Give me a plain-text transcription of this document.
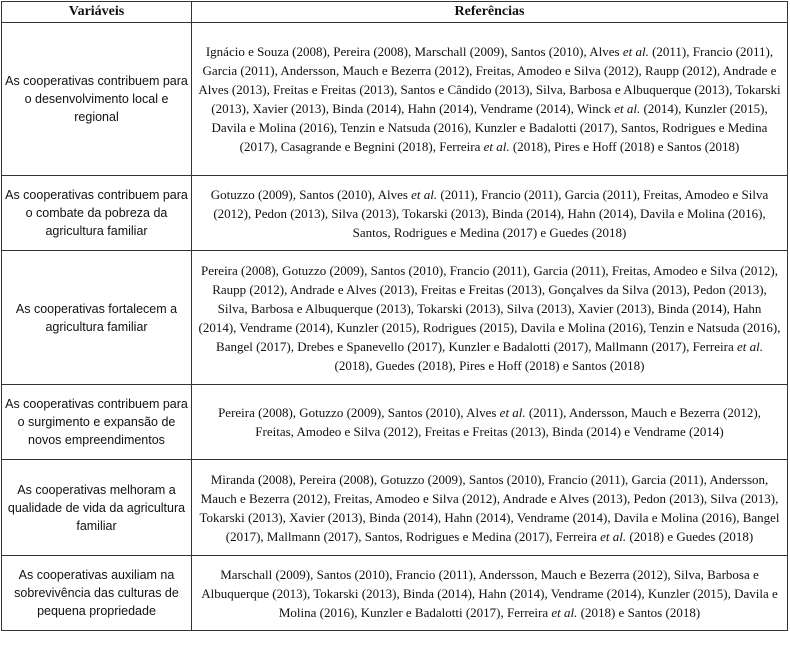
Variáveis	Referências
As cooperativas contribuem para o desenvolvimento local e regional	Ignácio e Souza (2008), Pereira (2008), Marschall (2009), Santos (2010), Alves et al. (2011), Francio (2011), Garcia (2011), Andersson, Mauch e Bezerra (2012), Freitas, Amodeo e Silva (2012), Raupp (2012), Andrade e Alves (2013), Freitas e Freitas (2013), Santos e Cândido (2013), Silva, Barbosa e Albuquerque (2013), Tokarski (2013), Xavier (2013), Binda (2014), Hahn (2014), Vendrame (2014), Winck et al. (2014), Kunzler (2015), Davila e Molina (2016), Tenzin e Natsuda (2016), Kunzler e Badalotti (2017), Santos, Rodrigues e Medina (2017), Casagrande e Begnini (2018), Ferreira et al. (2018), Pires e Hoff (2018) e Santos (2018)
As cooperativas contribuem para o combate da pobreza da agricultura familiar	Gotuzzo (2009), Santos (2010), Alves et al. (2011), Francio (2011), Garcia (2011), Freitas, Amodeo e Silva (2012), Pedon (2013), Silva (2013), Tokarski (2013), Binda (2014), Hahn (2014), Davila e Molina (2016), Santos, Rodrigues e Medina (2017) e Guedes (2018)
As cooperativas fortalecem a agricultura familiar	Pereira (2008), Gotuzzo (2009), Santos (2010), Francio (2011), Garcia (2011), Freitas, Amodeo e Silva (2012), Raupp (2012), Andrade e Alves (2013), Freitas e Freitas (2013), Gonçalves da Silva (2013), Pedon (2013), Silva, Barbosa e Albuquerque (2013), Tokarski (2013), Silva (2013), Xavier (2013), Binda (2014), Hahn (2014), Vendrame (2014), Kunzler (2015), Rodrigues (2015), Davila e Molina (2016), Tenzin e Natsuda (2016), Bangel (2017), Drebes e Spanevello (2017), Kunzler e Badalotti (2017), Mallmann (2017), Ferreira et al. (2018), Guedes (2018), Pires e Hoff (2018) e Santos (2018)
As cooperativas contribuem para o surgimento e expansão de novos empreendimentos	Pereira (2008), Gotuzzo (2009), Santos (2010), Alves et al. (2011), Andersson, Mauch e Bezerra (2012), Freitas, Amodeo e Silva (2012), Freitas e Freitas (2013), Binda (2014) e Vendrame (2014)
As cooperativas melhoram a qualidade de vida da agricultura familiar	Miranda (2008), Pereira (2008), Gotuzzo (2009), Santos (2010), Francio (2011), Garcia (2011), Andersson, Mauch e Bezerra (2012), Freitas, Amodeo e Silva (2012), Andrade e Alves (2013), Pedon (2013), Silva (2013), Tokarski (2013), Xavier (2013), Binda (2014), Hahn (2014), Vendrame (2014), Davila e Molina (2016), Bangel (2017), Mallmann (2017), Santos, Rodrigues e Medina (2017), Ferreira et al. (2018) e Guedes (2018)
As cooperativas auxiliam na sobrevivência das culturas de pequena propriedade	Marschall (2009), Santos (2010), Francio (2011), Andersson, Mauch e Bezerra (2012), Silva, Barbosa e Albuquerque (2013), Tokarski (2013), Binda (2014), Hahn (2014), Vendrame (2014), Kunzler (2015), Davila e Molina (2016), Kunzler e Badalotti (2017), Ferreira et al. (2018) e Santos (2018)
